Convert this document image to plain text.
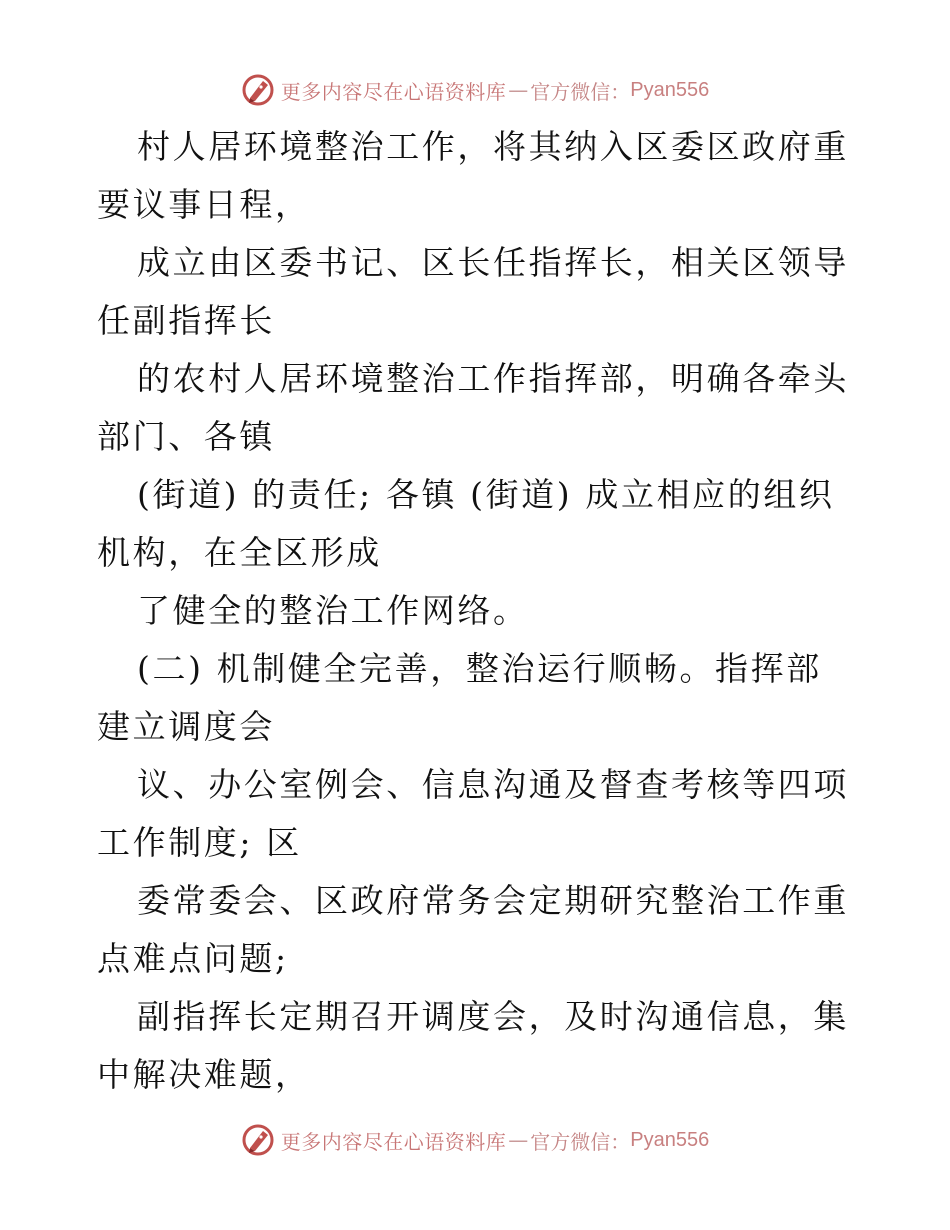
更多内容尽在心语资料库 — 官方微信： Pyan556

村人居环境整治工作，将其纳入区委区政府重要议事日程，

成立由区委书记、区长任指挥长，相关区领导任副指挥长

的农村人居环境整治工作指挥部，明确各牵头部门、各镇

(街道) 的责任; 各镇 (街道) 成立相应的组织机构，在全区形成

了健全的整治工作网络。

(二) 机制健全完善，整治运行顺畅。指挥部建立调度会

议、办公室例会、信息沟通及督查考核等四项工作制度; 区

委常委会、区政府常务会定期研究整治工作重点难点问题;

副指挥长定期召开调度会，及时沟通信息，集中解决难题，

更多内容尽在心语资料库 — 官方微信： Pyan556
